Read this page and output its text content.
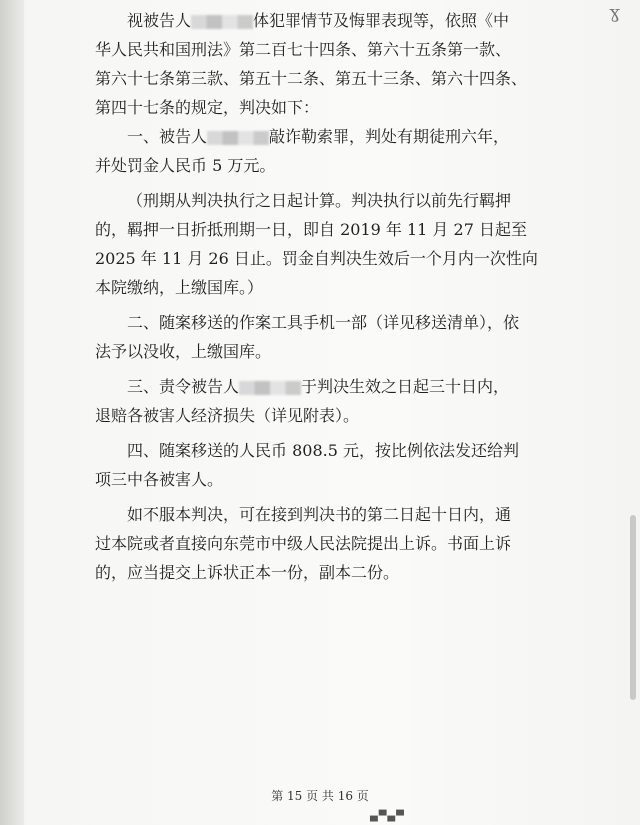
ɣ

视被告人	体犯罪情节及悔罪表现等，依照《中

华人民共和国刑法》第二百七十四条、第六十五条第一款、

第六十七条第三款、第五十二条、第五十三条、第六十四条、

第四十七条的规定，判决如下：

一、被告人	敲诈勒索罪，判处有期徒刑六年，

并处罚金人民币 5 万元。

（刑期从判决执行之日起计算。判决执行以前先行羁押

的，羁押一日折抵刑期一日，即自 2019 年 11 月 27 日起至

2025 年 11 月 26 日止。罚金自判决生效后一个月内一次性向

本院缴纳，上缴国库。）

二、随案移送的作案工具手机一部（详见移送清单），依

法予以没收，上缴国库。

三、责令被告人	于判决生效之日起三十日内，

退赔各被害人经济损失（详见附表）。

四、随案移送的人民币 808.5 元，按比例依法发还给判

项三中各被害人。

如不服本判决，可在接到判决书的第二日起十日内，通

过本院或者直接向东莞市中级人民法院提出上诉。书面上诉

的，应当提交上诉状正本一份，副本二份。

第 15 页 共 16 页
▄▀▄▀
